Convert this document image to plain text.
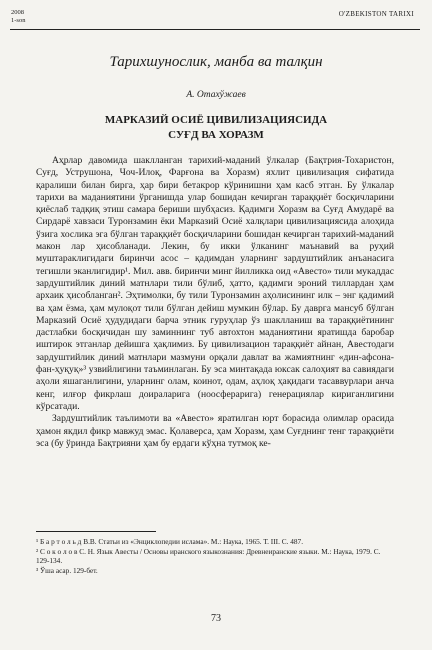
2008
1-son
O'ZBEKISTON TARIXI
Тарихшунослик, манба ва талқин
А. Отахўжаев
МАРКАЗИЙ ОСИЁ ЦИВИЛИЗАЦИЯСИДА
СУҒД ВА ХОРАЗМ

Аҳрлар давомида шаклланган тарихий-маданий ўлкалар (Бақтрия-Тохаристон, Суғд, Уструшона, Чоч-Илоқ, Фарғона ва Хоразм) яхлит цивилизация сифатида қаралиши билан бирга, ҳар бири бетакрор кўринишни ҳам касб этган. Бу ўлкалар тарихи ва маданиятини ўрганишда улар бошидан кечирган тараққиёт босқичларини қиёслаб тадқиқ этиш самара бериши шубҳасиз. Қадимги Хоразм ва Суғд Амударё ва Сирдарё хавзаси Туронзамин ёки Марказий Осиё халқлари цивилизациясида алоҳида ўзига хослика эга бўлган тараққиёт босқичларини бошидан кечирган тарихий-маданий макон лар ҳисобланади. Лекин, бу икки ўлканинг маънавий ва руҳий муштараклигидаги биринчи асос – қадимдан уларнинг зардуштийлик анъанасига тегишли эканлигидир¹. Мил. авв. биринчи минг йилликка оид «Авесто» тили мукаддас зардуштийлик диний матнлари тили бўлиб, ҳатто, қадимги эроний тиллардан ҳам архаик ҳисобланган². Эҳтимолки, бу тили Туронзамин аҳолисининг илк – энг қадимий ва ҳам ёзма, ҳам мулоқот тили бўлган дейиш мумкин бўлар. Бу даврга мансуб бўлган Марказий Осиё ҳудудидаги барча этник гуруҳлар ўз шаклланиш ва тараққиётининг дастлабки босқичидан шу заминнинг туб автохтон маданиятини яратишда баробар иштирок этганлар дейишга ҳақлимиз. Бу цивилизацион тараққиёт айнан, Авестодаги зардуштийлик диний матнлари мазмуни орқали давлат ва жамиятнинг «дин-афсона-фан-ҳуқуқ»³ узвийлигини таъминлаган. Бу эса минтақада юксак салоҳият ва савиядаги аҳоли яшаганлигини, уларнинг олам, коинот, одам, аҳлоқ ҳақидаги тасаввурлари анча кенг, илғор фикрлаш доираларига (ноосферарига) генерациялар кириганлигини кўрсатади.

Зардуштийлик таълимоти ва «Авесто» яратилган юрт борасида олимлар орасида ҳамон якдил фикр мавжуд эмас. Қолаверса, ҳам Хоразм, ҳам Суғднинг тенг тараққиёти эса (бу ўринда Бақтрияни ҳам бу ердаги кўҳна тутмоқ ке-

¹ Б а р т о л ь д В.В. Статьи из «Энциклопедии ислама». М.: Наука, 1965. Т. III. С. 487.
² С о к о л о в С. Н. Язык Авесты / Основы иранского языкознания: Древнеиранские языки. М.: Наука, 1979. С. 129-134.
³ Ўша асар. 129-бет.
73
